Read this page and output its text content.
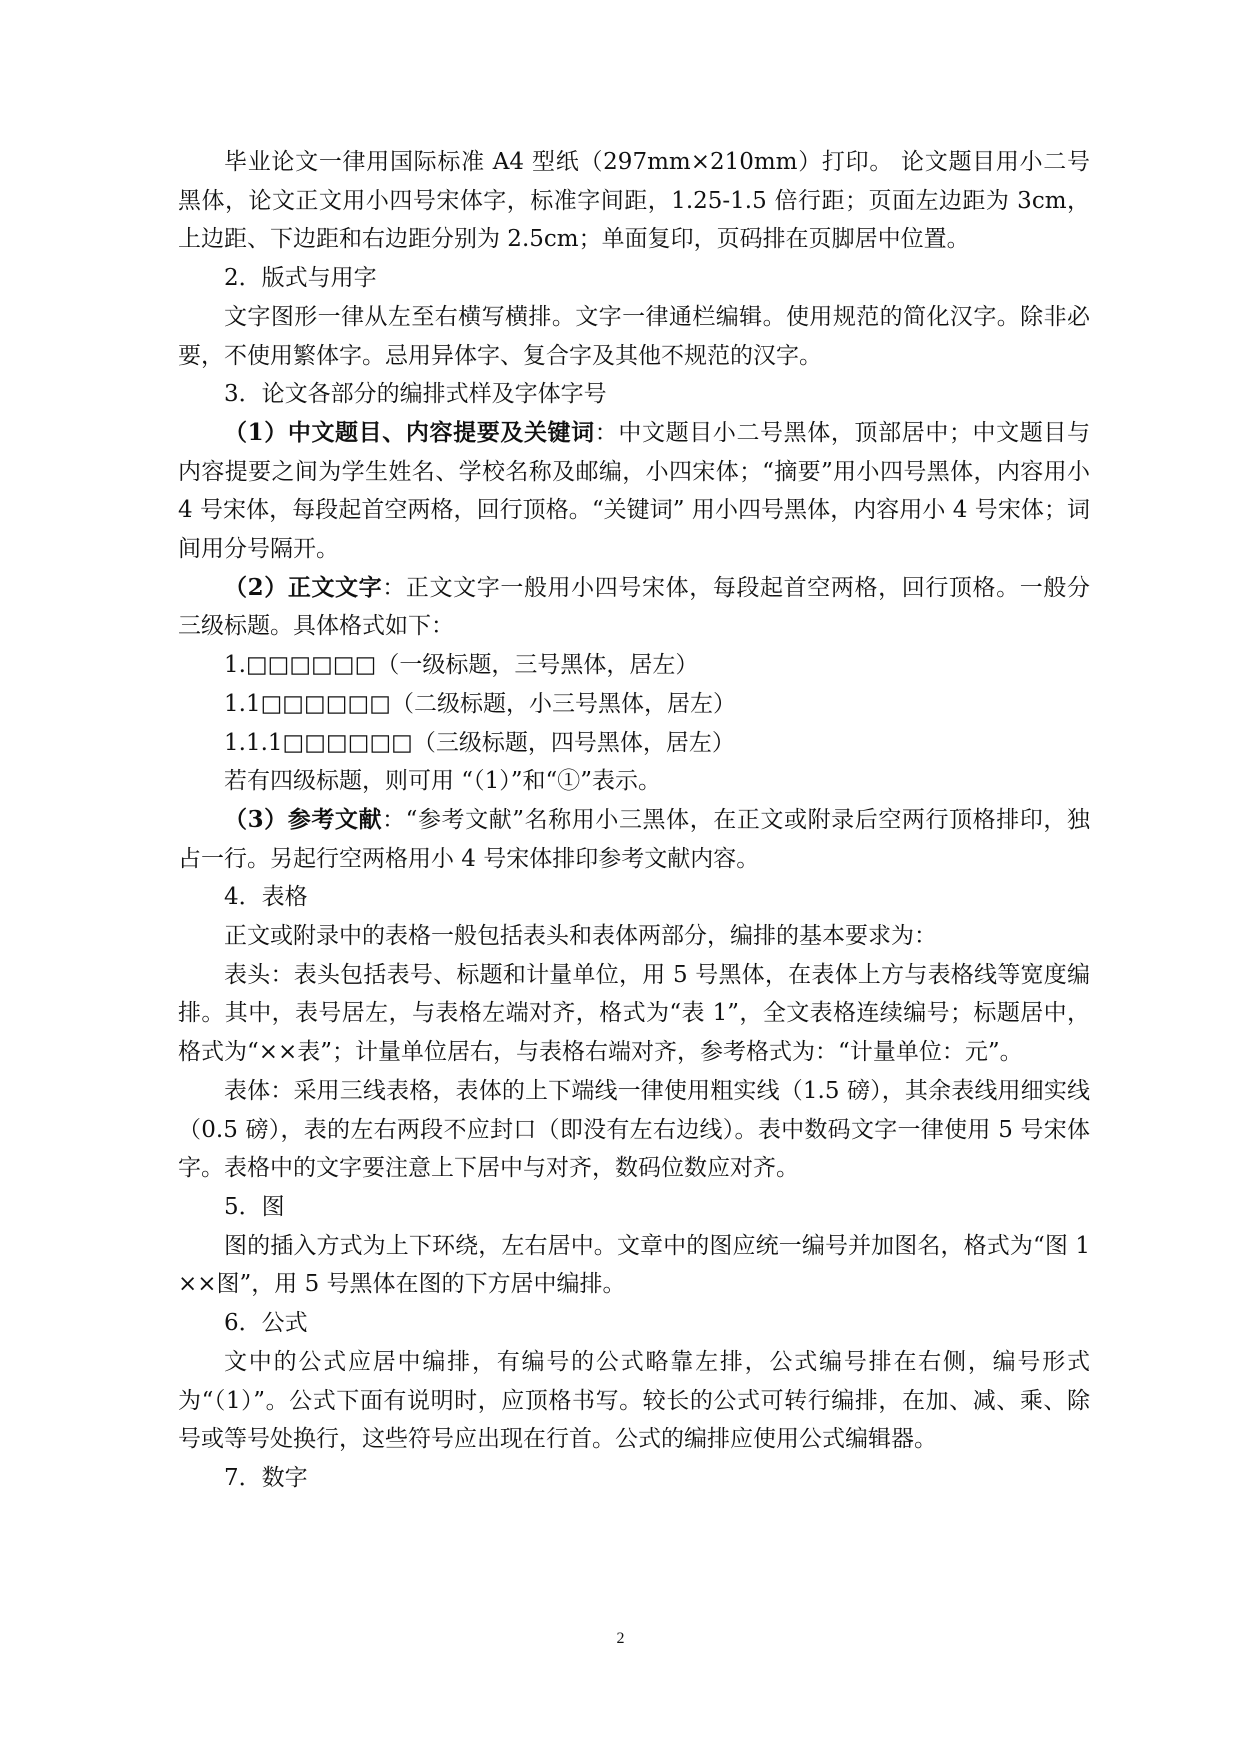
毕业论文一律用国际标准 A4 型纸（297mm×210mm）打印。 论文题目用小二号黑体，论文正文用小四号宋体字，标准字间距，1.25-1.5 倍行距；页面左边距为 3cm，上边距、下边距和右边距分别为 2.5cm；单面复印，页码排在页脚居中位置。

2．版式与用字

文字图形一律从左至右横写横排。文字一律通栏编辑。使用规范的简化汉字。除非必要，不使用繁体字。忌用异体字、复合字及其他不规范的汉字。

3．论文各部分的编排式样及字体字号

（1）中文题目、内容提要及关键词：中文题目小二号黑体，顶部居中；中文题目与内容提要之间为学生姓名、学校名称及邮编，小四宋体；“摘要”用小四号黑体，内容用小 4 号宋体，每段起首空两格，回行顶格。“关键词” 用小四号黑体，内容用小 4 号宋体；词间用分号隔开。

（2）正文文字：正文文字一般用小四号宋体，每段起首空两格，回行顶格。一般分三级标题。具体格式如下：

1.□□□□□□（一级标题，三号黑体，居左）

1.1□□□□□□（二级标题，小三号黑体，居左）

1.1.1□□□□□□（三级标题，四号黑体，居左）

若有四级标题，则可用 “（1）”和“①”表示。

（3）参考文献：“参考文献”名称用小三黑体，在正文或附录后空两行顶格排印，独占一行。另起行空两格用小 4 号宋体排印参考文献内容。

4．表格

正文或附录中的表格一般包括表头和表体两部分，编排的基本要求为：

表头：表头包括表号、标题和计量单位，用 5 号黑体，在表体上方与表格线等宽度编排。其中，表号居左，与表格左端对齐，格式为“表 1”，全文表格连续编号；标题居中，格式为“××表”；计量单位居右，与表格右端对齐，参考格式为：“计量单位：元”。

表体：采用三线表格，表体的上下端线一律使用粗实线（1.5 磅），其余表线用细实线（0.5 磅），表的左右两段不应封口（即没有左右边线）。表中数码文字一律使用 5 号宋体字。表格中的文字要注意上下居中与对齐，数码位数应对齐。

5．图

图的插入方式为上下环绕，左右居中。文章中的图应统一编号并加图名，格式为“图 1　 ××图”，用 5 号黑体在图的下方居中编排。

6．公式

文中的公式应居中编排，有编号的公式略靠左排，公式编号排在右侧，编号形式为“（1）”。公式下面有说明时，应顶格书写。较长的公式可转行编排，在加、减、乘、除号或等号处换行，这些符号应出现在行首。公式的编排应使用公式编辑器。

7．数字

2
